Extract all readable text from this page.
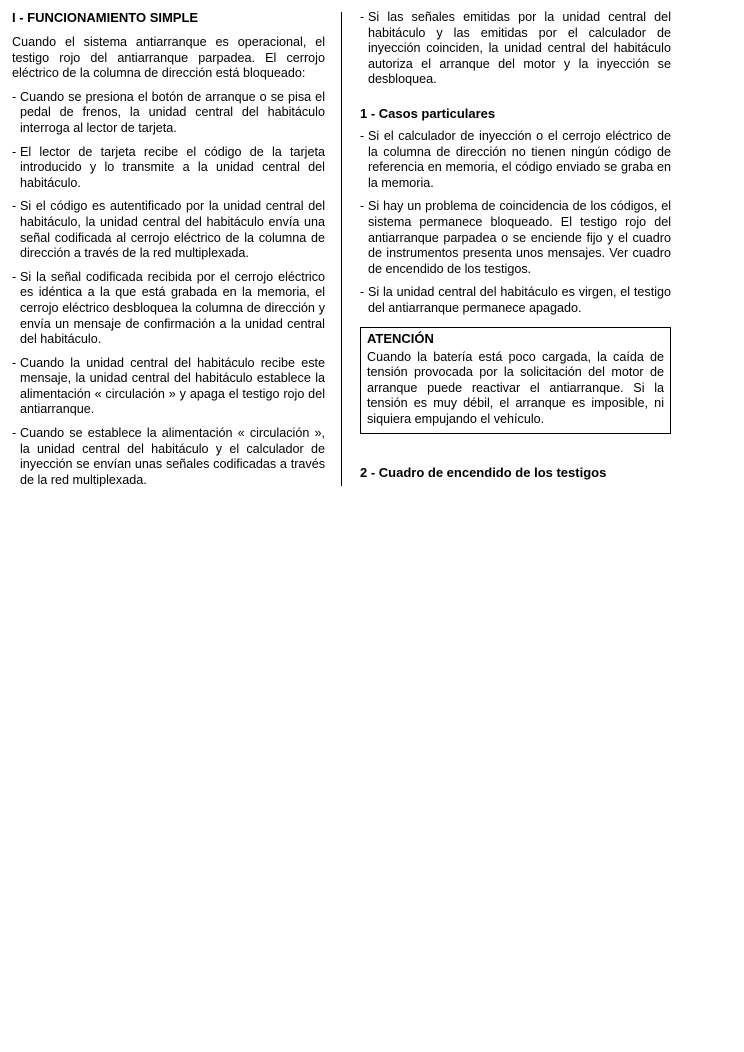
I - FUNCIONAMIENTO SIMPLE

Cuando el sistema antiarranque es operacional, el testigo rojo del antiarranque parpadea. El cerrojo eléctrico de la columna de dirección está bloqueado:

- Cuando se presiona el botón de arranque o se pisa el pedal de frenos, la unidad central del habitáculo interroga al lector de tarjeta.
- El lector de tarjeta recibe el código de la tarjeta introducido y lo transmite a la unidad central del habitáculo.
- Si el código es autentificado por la unidad central del habitáculo, la unidad central del habitáculo envía una señal codificada al cerrojo eléctrico de la columna de dirección a través de la red multiplexada.
- Si la señal codificada recibida por el cerrojo eléctrico es idéntica a la que está grabada en la memoria, el cerrojo eléctrico desbloquea la columna de dirección y envía un mensaje de confirmación a la unidad central del habitáculo.
- Cuando la unidad central del habitáculo recibe este mensaje, la unidad central del habitáculo establece la alimentación « circulación » y apaga el testigo rojo del antiarranque.
- Cuando se establece la alimentación « circulación », la unidad central del habitáculo y el calculador de inyección se envían unas señales codificadas a través de la red multiplexada.
- Si las señales emitidas por la unidad central del habitáculo y las emitidas por el calculador de inyección coinciden, la unidad central del habitáculo autoriza el arranque del motor y la inyección se desbloquea.
1 - Casos particulares
- Si el calculador de inyección o el cerrojo eléctrico de la columna de dirección no tienen ningún código de referencia en memoria, el código enviado se graba en la memoria.
- Si hay un problema de coincidencia de los códigos, el sistema permanece bloqueado. El testigo rojo del antiarranque parpadea o se enciende fijo y el cuadro de instrumentos presenta unos mensajes. Ver cuadro de encendido de los testigos.
- Si la unidad central del habitáculo es virgen, el testigo del antiarranque permanece apagado.
ATENCIÓN

Cuando la batería está poco cargada, la caída de tensión provocada por la solicitación del motor de arranque puede reactivar el antiarranque. Si la tensión es muy débil, el arranque es imposible, ni siquiera empujando el vehículo.

2 - Cuadro de encendido de los testigos
